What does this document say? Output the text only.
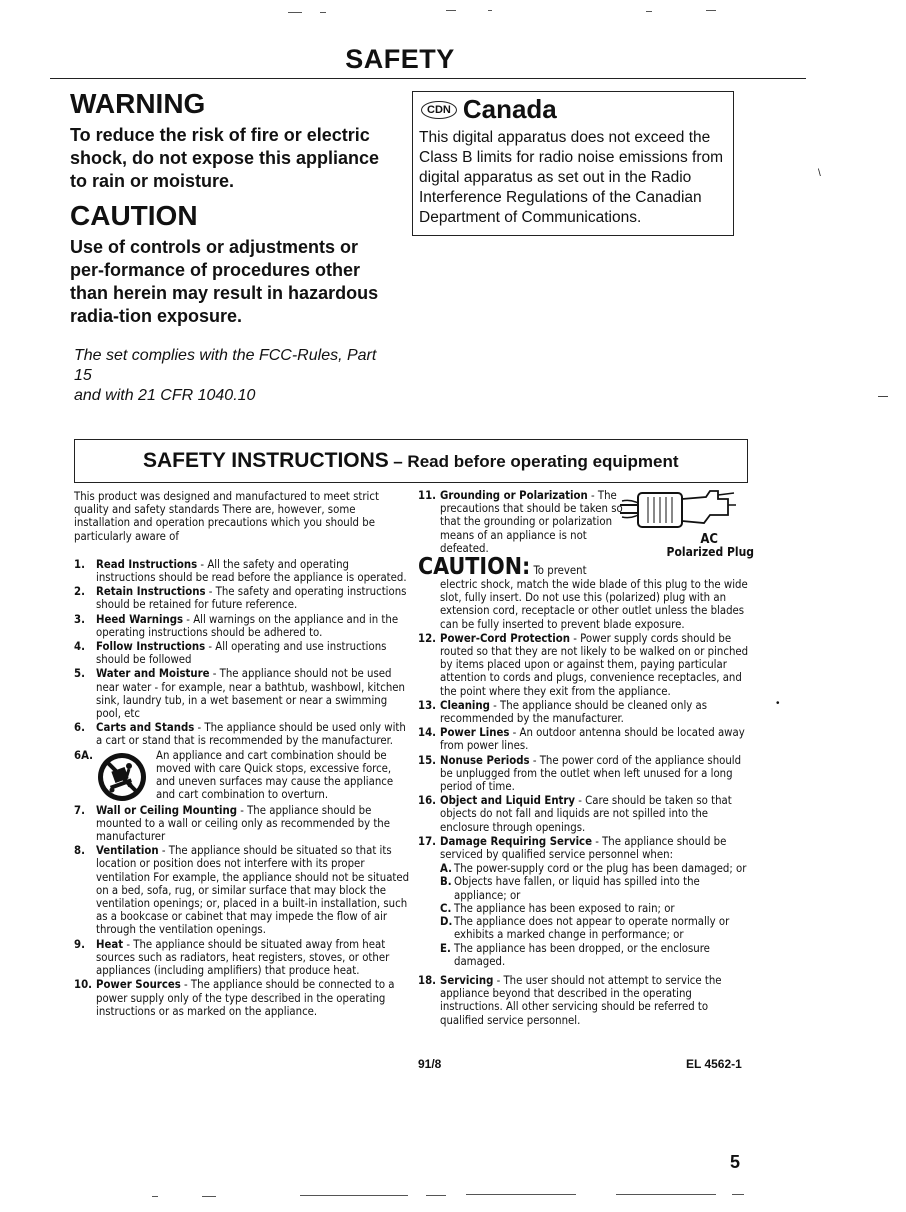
SAFETY
WARNING
To reduce the risk of fire or electric shock, do not expose this appliance to rain or moisture.
CAUTION
Use of controls or adjustments or per-formance of procedures other than herein may result in hazardous radia-tion exposure.
The set complies with the FCC-Rules, Part 15
and with 21 CFR 1040.10
CDN Canada
This digital apparatus does not exceed the Class B limits for radio noise emissions from digital apparatus as set out in the Radio Interference Regulations of the Canadian Department of Communications.
\
•
SAFETY INSTRUCTIONS – Read before operating equipment
This product was designed and manufactured to meet strict quality and safety standards There are, however, some installation and operation precautions which you should be particularly aware of
1. Read Instructions - All the safety and operating instructions should be read before the appliance is operated.
2. Retain Instructions - The safety and operating instructions should be retained for future reference.
3. Heed Warnings - All warnings on the appliance and in the operating instructions should be adhered to.
4. Follow Instructions - All operating and use instructions should be followed
5. Water and Moisture - The appliance should not be used near water - for example, near a bathtub, washbowl, kitchen sink, laundry tub, in a wet basement or near a swimming pool, etc
6. Carts and Stands - The appliance should be used only with a cart or stand that is recommended by the manufacturer.
6A.	An appliance and cart combination should be moved with care Quick stops, excessive force, and uneven surfaces may cause the appliance and cart combination to overturn.
7. Wall or Ceiling Mounting - The appliance should be mounted to a wall or ceiling only as recommended by the manufacturer
8. Ventilation - The appliance should be situated so that its location or position does not interfere with its proper ventilation For example, the appliance should not be situated on a bed, sofa, rug, or similar surface that may block the ventilation openings; or, placed in a built-in installation, such as a bookcase or cabinet that may impede the flow of air through the ventilation openings.
9. Heat - The appliance should be situated away from heat sources such as radiators, heat registers, stoves, or other appliances (including amplifiers) that produce heat.
10. Power Sources - The appliance should be connected to a power supply only of the type described in the operating instructions or as marked on the appliance.
11. Grounding or Polarization - The precautions that should be taken so that the grounding or polarization means of an appliance is not defeated.
AC
Polarized Plug
CAUTION: To prevent
electric shock, match the wide blade of this plug to the wide slot, fully insert. Do not use this (polarized) plug with an extension cord, receptacle or other outlet unless the blades can be fully inserted to prevent blade exposure.
12. Power-Cord Protection - Power supply cords should be routed so that they are not likely to be walked on or pinched by items placed upon or against them, paying particular attention to cords and plugs, convenience receptacles, and the point where they exit from the appliance.
13. Cleaning - The appliance should be cleaned only as recommended by the manufacturer.
14. Power Lines - An outdoor antenna should be located away from power lines.
15. Nonuse Periods - The power cord of the appliance should be unplugged from the outlet when left unused for a long period of time.
16. Object and Liquid Entry - Care should be taken so that objects do not fall and liquids are not spilled into the enclosure through openings.
17. Damage Requiring Service - The appliance should be serviced by qualified service personnel when:
A. The power-supply cord or the plug has been damaged; or
B. Objects have fallen, or liquid has spilled into the appliance; or
C. The appliance has been exposed to rain; or
D. The appliance does not appear to operate normally or exhibits a marked change in performance; or
E. The appliance has been dropped, or the enclosure damaged.
18. Servicing - The user should not attempt to service the appliance beyond that described in the operating instructions. All other servicing should be referred to qualified service personnel.
91/8	EL 4562-1
5
